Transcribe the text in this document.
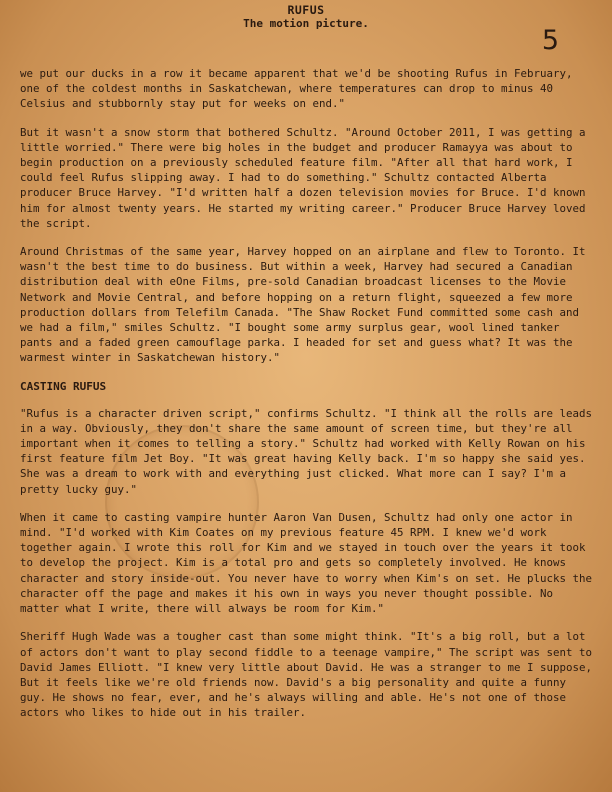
RUFUS
The motion picture.
5

we put our ducks in a row it became apparent that we'd be shooting Rufus in February, one of the coldest months in Saskatchewan, where temperatures can drop to minus 40 Celsius and stubbornly stay put for weeks on end."

But it wasn't a snow storm that bothered Schultz. "Around October 2011, I was getting a little worried." There were big holes in the budget and producer Ramayya was about to begin production on a previously scheduled feature film. "After all that hard work, I could feel Rufus slipping away. I had to do something." Schultz contacted Alberta producer Bruce Harvey. "I'd written half a dozen television movies for Bruce. I'd known him for almost twenty years. He started my writing career." Producer Bruce Harvey loved the script.

Around Christmas of the same year, Harvey hopped on an airplane and flew to Toronto. It wasn't the best time to do business. But within a week, Harvey had secured a Canadian distribution deal with eOne Films, pre-sold Canadian broadcast licenses to the Movie Network and Movie Central, and before hopping on a return flight, squeezed a few more production dollars from Telefilm Canada. "The Shaw Rocket Fund committed some cash and we had a film," smiles Schultz. "I bought some army surplus gear, wool lined tanker pants and a faded green camouflage parka. I headed for set and guess what? It was the warmest winter in Saskatchewan history."

CASTING RUFUS

"Rufus is a character driven script," confirms Schultz. "I think all the rolls are leads in a way. Obviously, they don't share the same amount of screen time, but they're all important when it comes to telling a story." Schultz had worked with Kelly Rowan on his first feature film Jet Boy. "It was great having Kelly back. I'm so happy she said yes. She was a dream to work with and everything just clicked. What more can I say? I'm a pretty lucky guy."

When it came to casting vampire hunter Aaron Van Dusen, Schultz had only one actor in mind. "I'd worked with Kim Coates on my previous feature 45 RPM. I knew we'd work together again. I wrote this roll for Kim and we stayed in touch over the years it took to develop the project. Kim is a total pro and gets so completely involved. He knows character and story inside-out. You never have to worry when Kim's on set. He plucks the character off the page and makes it his own in ways you never thought possible. No matter what I write, there will always be room for Kim."

Sheriff Hugh Wade was a tougher cast than some might think. "It's a big roll, but a lot of actors don't want to play second fiddle to a teenage vampire," The script was sent to David James Elliott. "I knew very little about David. He was a stranger to me I suppose, But it feels like we're old friends now. David's a big personality and quite a funny guy. He shows no fear, ever, and he's always willing and able. He's not one of those actors who likes to hide out in his trailer.
